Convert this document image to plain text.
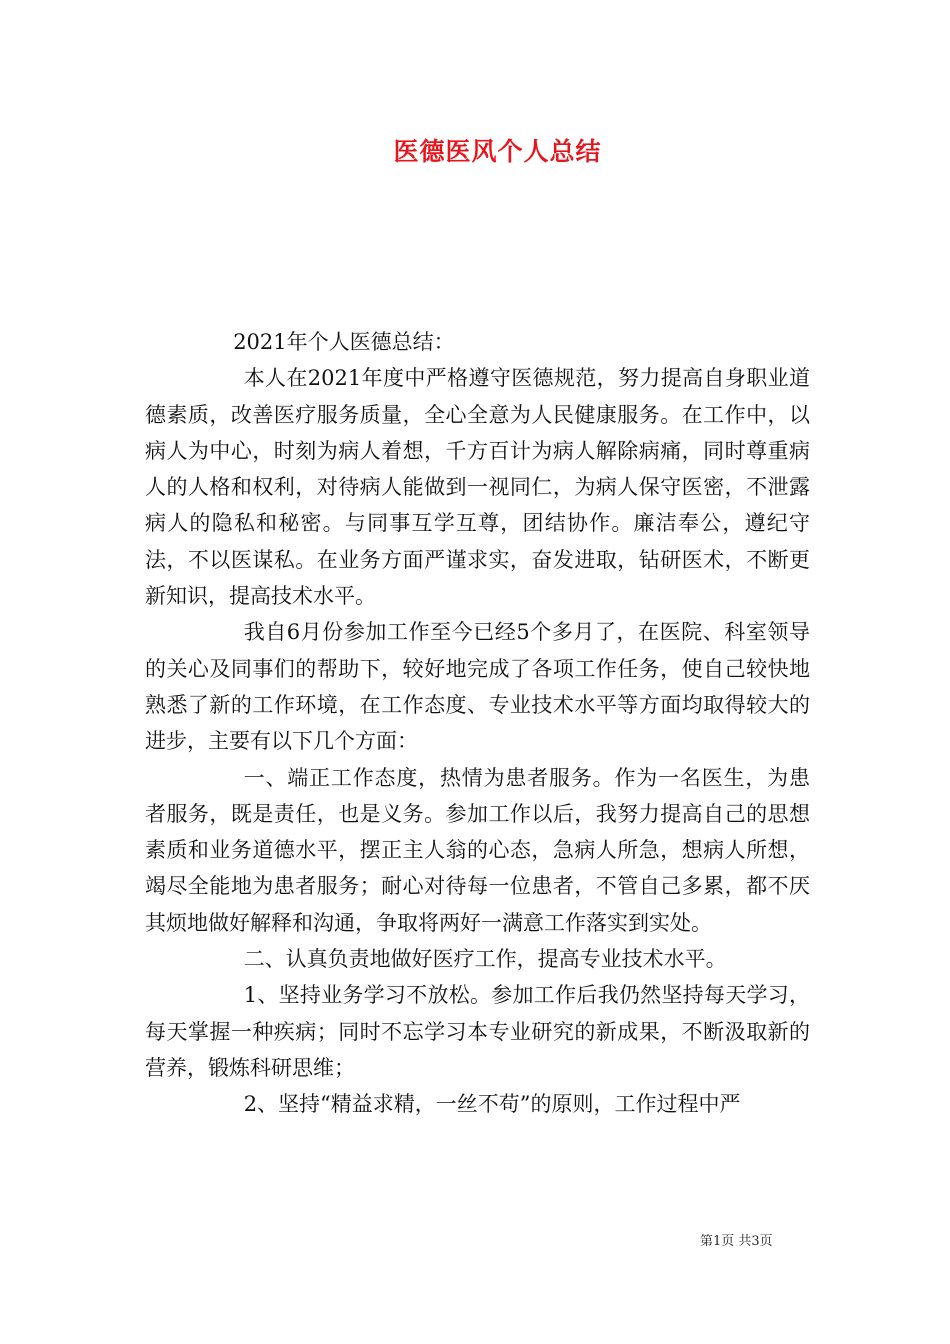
医德医风个人总结

2021年个人医德总结：

本人在2021年度中严格遵守医德规范，努力提高自身职业道德素质，改善医疗服务质量，全心全意为人民健康服务。在工作中，以病人为中心，时刻为病人着想，千方百计为病人解除病痛，同时尊重病人的人格和权利，对待病人能做到一视同仁，为病人保守医密，不泄露病人的隐私和秘密。与同事互学互尊，团结协作。廉洁奉公，遵纪守法，不以医谋私。在业务方面严谨求实，奋发进取，钻研医术，不断更新知识，提高技术水平。

我自6月份参加工作至今已经5个多月了，在医院、科室领导的关心及同事们的帮助下，较好地完成了各项工作任务，使自己较快地熟悉了新的工作环境，在工作态度、专业技术水平等方面均取得较大的进步，主要有以下几个方面：

一、端正工作态度，热情为患者服务。作为一名医生，为患者服务，既是责任，也是义务。参加工作以后，我努力提高自己的思想素质和业务道德水平，摆正主人翁的心态，急病人所急，想病人所想，竭尽全能地为患者服务；耐心对待每一位患者，不管自己多累，都不厌其烦地做好解释和沟通，争取将两好一满意工作落实到实处。

二、认真负责地做好医疗工作，提高专业技术水平。

1、坚持业务学习不放松。参加工作后我仍然坚持每天学习，每天掌握一种疾病；同时不忘学习本专业研究的新成果，不断汲取新的营养，锻炼科研思维；

2、坚持“精益求精，一丝不苟”的原则，工作过程中严

第1页 共3页
